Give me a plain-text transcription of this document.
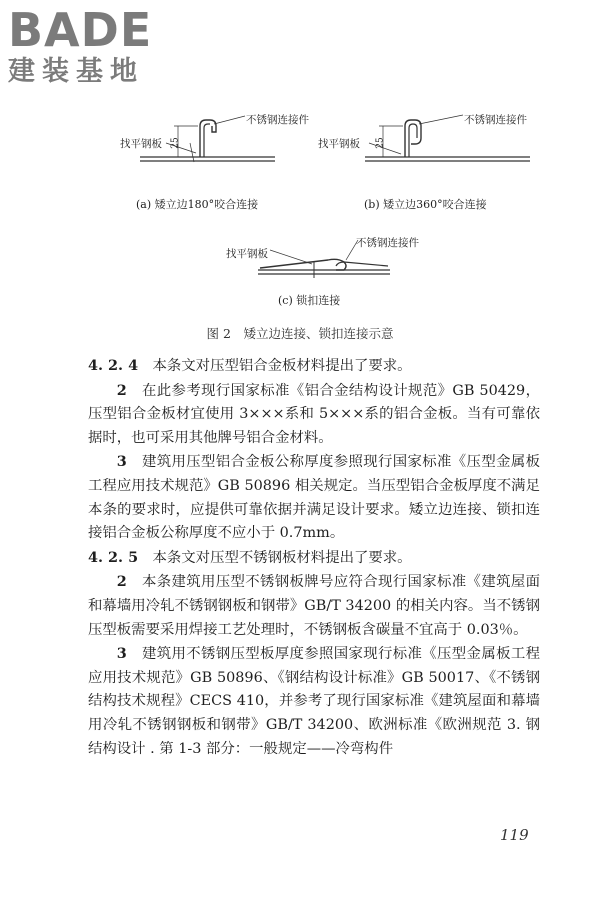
BADE
建装基地
不锈钢连接件
找平钢板 25
(a) 矮立边180°咬合连接
不锈钢连接件
找平钢板 25
(b) 矮立边360°咬合连接
不锈钢连接件
找平钢板
(c) 锁扣连接
图 2　矮立边连接、锁扣连接示意

4. 2. 4　 本条文对压型铝合金板材料提出了要求。

2　 在此参考现行国家标准《铝合金结构设计规范》GB 50429，压型铝合金板材宜使用 3×××系和 5×××系的铝合金板。当有可靠依据时，也可采用其他牌号铝合金材料。

3　 建筑用压型铝合金板公称厚度参照现行国家标准《压型金属板工程应用技术规范》GB 50896 相关规定。当压型铝合金板厚度不满足本条的要求时，应提供可靠依据并满足设计要求。矮立边连接、锁扣连接铝合金板公称厚度不应小于 0.7mm。

4. 2. 5　 本条文对压型不锈钢板材料提出了要求。

2　 本条建筑用压型不锈钢板牌号应符合现行国家标准《建筑屋面和幕墙用冷轧不锈钢钢板和钢带》GB/T 34200 的相关内容。当不锈钢压型板需要采用焊接工艺处理时，不锈钢板含碳量不宜高于 0.03％。

3　 建筑用不锈钢压型板厚度参照国家现行标准《压型金属板工程应用技术规范》GB 50896、《钢结构设计标准》GB 50017、《不锈钢结构技术规程》CECS 410，并参考了现行国家标准《建筑屋面和幕墙用冷轧不锈钢钢板和钢带》GB/T 34200、欧洲标准《欧洲规范 3. 钢结构设计 . 第 1-3 部分：一般规定——冷弯构件

119
